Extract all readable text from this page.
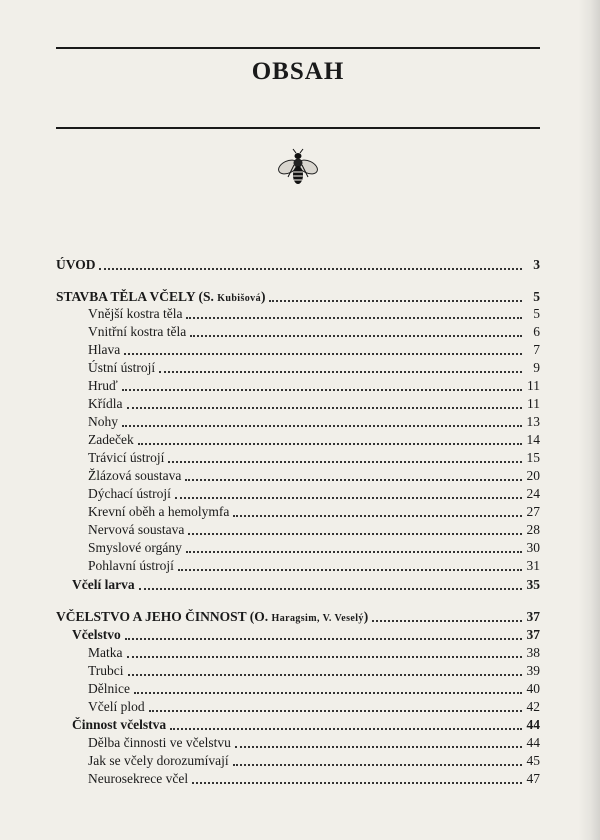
OBSAH
ÚVOD	3
STAVBA TĚLA VČELY (S. Kubišová)	5
Vnější kostra těla	5
Vnitřní kostra těla	6
Hlava	7
Ústní ústrojí	9
Hruď	11
Křídla	11
Nohy	13
Zadeček	14
Trávicí ústrojí	15
Žlázová soustava	20
Dýchací ústrojí	24
Krevní oběh a hemolymfa	27
Nervová soustava	28
Smyslové orgány	30
Pohlavní ústrojí	31
Včelí larva	35
VČELSTVO A JEHO ČINNOST (O. Haragsim, V. Veselý)	37
Včelstvo	37
Matka	38
Trubci	39
Dělnice	40
Včelí plod	42
Činnost včelstva	44
Dělba činnosti ve včelstvu	44
Jak se včely dorozumívají	45
Neurosekrece včel	47
